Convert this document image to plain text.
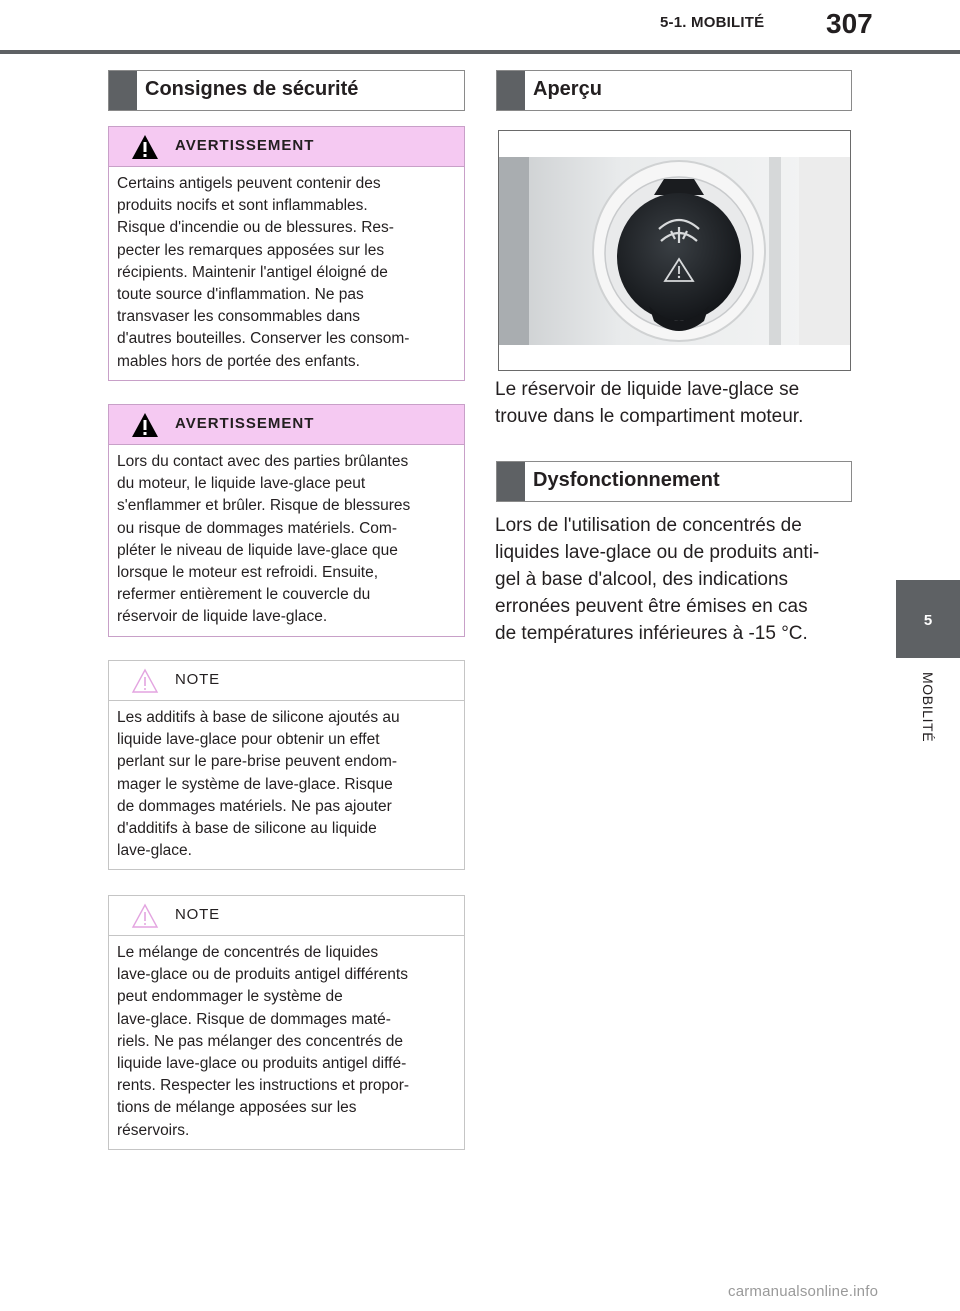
5-1. MOBILITÉ 307
5
MOBILITÉ
Consignes de sécurité
AVERTISSEMENT

Certains antigels peuvent contenir des

produits nocifs et sont inflammables.

Risque d'incendie ou de blessures. Res-

pecter les remarques apposées sur les

récipients. Maintenir l'antigel éloigné de

toute source d'inflammation. Ne pas

transvaser les consommables dans

d'autres bouteilles. Conserver les consom-

mables hors de portée des enfants.

AVERTISSEMENT

Lors du contact avec des parties brûlantes

du moteur, le liquide lave-glace peut

s'enflammer et brûler. Risque de blessures

ou risque de dommages matériels. Com-

pléter le niveau de liquide lave-glace que

lorsque le moteur est refroidi. Ensuite,

refermer entièrement le couvercle du

réservoir de liquide lave-glace.

NOTE

Les additifs à base de silicone ajoutés au

liquide lave-glace pour obtenir un effet

perlant sur le pare-brise peuvent endom-

mager le système de lave-glace. Risque

de dommages matériels. Ne pas ajouter

d'additifs à base de silicone au liquide

lave-glace.

NOTE

Le mélange de concentrés de liquides

lave-glace ou de produits antigel différents

peut endommager le système de

lave-glace. Risque de dommages maté-

riels. Ne pas mélanger des concentrés de

liquide lave-glace ou produits antigel diffé-

rents. Respecter les instructions et propor-

tions de mélange apposées sur les

réservoirs.

Aperçu

Le réservoir de liquide lave-glace se

trouve dans le compartiment moteur.

Dysfonctionnement

Lors de l'utilisation de concentrés de

liquides lave-glace ou de produits anti-

gel à base d'alcool, des indications

erronées peuvent être émises en cas

de températures inférieures à -15 °C.

carmanualsonline.info
